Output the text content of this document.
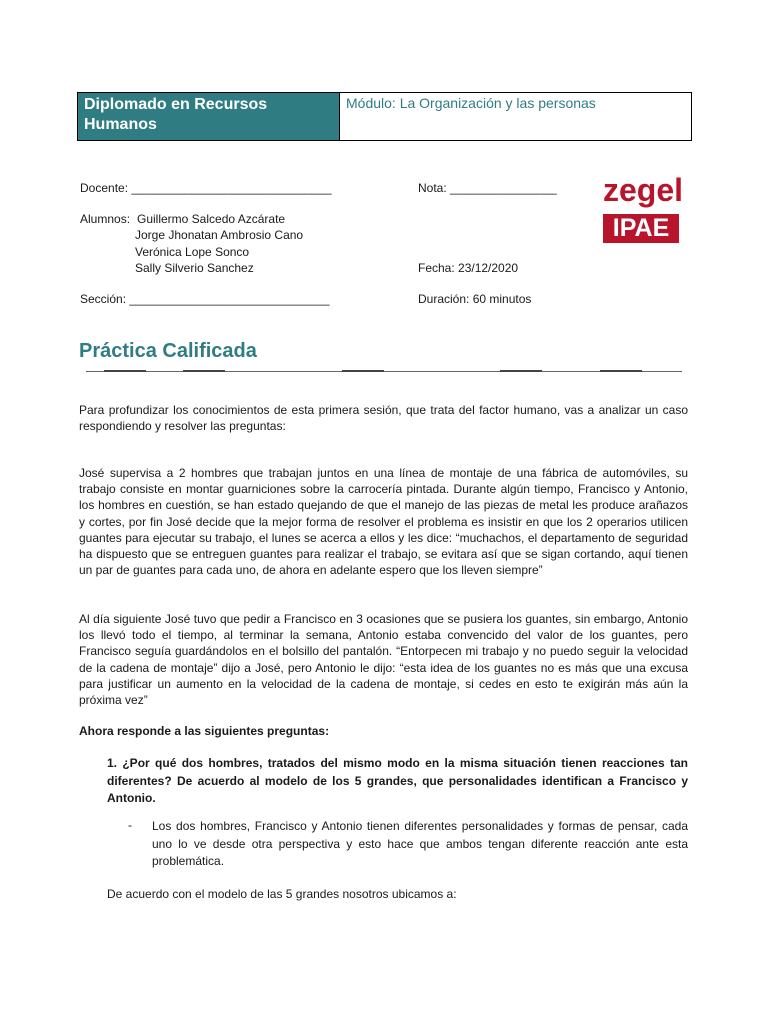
Diplomado en Recursos Humanos
Módulo: La Organización y las personas
Docente: ______________________________	Nota: ________________
Alumnos: Guillermo Salcedo Azcárate
Jorge Jhonatan Ambrosio Cano
Verónica Lope Sonco
Sally Silverio Sanchez	Fecha: 23/12/2020
Sección: ______________________________	Duración: 60 minutos
zegel
IPAE
Práctica Calificada
Para profundizar los conocimientos de esta primera sesión, que trata del factor humano, vas a analizar un caso respondiendo y resolver las preguntas:
José supervisa a 2 hombres que trabajan juntos en una línea de montaje de una fábrica de automóviles, su trabajo consiste en montar guarniciones sobre la carrocería pintada. Durante algún tiempo, Francisco y Antonio, los hombres en cuestión, se han estado quejando de que el manejo de las piezas de metal les produce arañazos y cortes, por fin José decide que la mejor forma de resolver el problema es insistir en que los 2 operarios utilicen guantes para ejecutar su trabajo, el lunes se acerca a ellos y les dice: “muchachos, el departamento de seguridad ha dispuesto que se entreguen guantes para realizar el trabajo, se evitara así que se sigan cortando, aquí tienen un par de guantes para cada uno, de ahora en adelante espero que los lleven siempre”
Al día siguiente José tuvo que pedir a Francisco en 3 ocasiones que se pusiera los guantes, sin embargo, Antonio los llevó todo el tiempo, al terminar la semana, Antonio estaba convencido del valor de los guantes, pero Francisco seguía guardándolos en el bolsillo del pantalón. “Entorpecen mi trabajo y no puedo seguir la velocidad de la cadena de montaje” dijo a José, pero Antonio le dijo: “esta idea de los guantes no es más que una excusa para justificar un aumento en la velocidad de la cadena de montaje, si cedes en esto te exigirán más aún la próxima vez”
Ahora responde a las siguientes preguntas:
1. ¿Por qué dos hombres, tratados del mismo modo en la misma situación tienen reacciones tan diferentes? De acuerdo al modelo de los 5 grandes, que personalidades identifican a Francisco y Antonio.
- Los dos hombres, Francisco y Antonio tienen diferentes personalidades y formas de pensar, cada uno lo ve desde otra perspectiva y esto hace que ambos tengan diferente reacción ante esta problemática.
De acuerdo con el modelo de las 5 grandes nosotros ubicamos a:
